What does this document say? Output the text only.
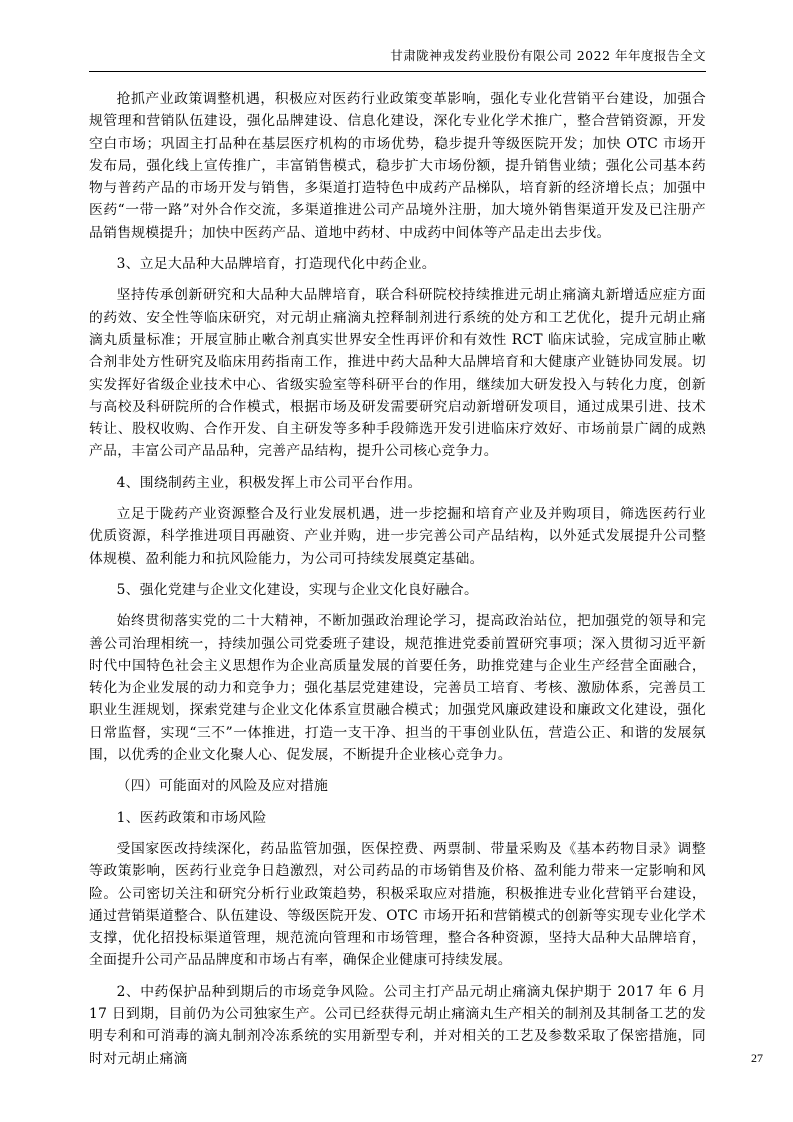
甘肃陇神戎发药业股份有限公司 2022 年年度报告全文

抢抓产业政策调整机遇，积极应对医药行业政策变革影响，强化专业化营销平台建设，加强合规管理和营销队伍建设，强化品牌建设、信息化建设，深化专业化学术推广，整合营销资源，开发空白市场；巩固主打品种在基层医疗机构的市场优势，稳步提升等级医院开发；加快 OTC 市场开发布局，强化线上宣传推广，丰富销售模式，稳步扩大市场份额，提升销售业绩；强化公司基本药物与普药产品的市场开发与销售，多渠道打造特色中成药产品梯队，培育新的经济增长点；加强中医药“一带一路”对外合作交流，多渠道推进公司产品境外注册，加大境外销售渠道开发及已注册产品销售规模提升；加快中医药产品、道地中药材、中成药中间体等产品走出去步伐。

3、立足大品种大品牌培育，打造现代化中药企业。

坚持传承创新研究和大品种大品牌培育，联合科研院校持续推进元胡止痛滴丸新增适应症方面的药效、安全性等临床研究，对元胡止痛滴丸控释制剂进行系统的处方和工艺优化，提升元胡止痛滴丸质量标准；开展宣肺止嗽合剂真实世界安全性再评价和有效性 RCT 临床试验，完成宣肺止嗽合剂非处方性研究及临床用药指南工作，推进中药大品种大品牌培育和大健康产业链协同发展。切实发挥好省级企业技术中心、省级实验室等科研平台的作用，继续加大研发投入与转化力度，创新与高校及科研院所的合作模式，根据市场及研发需要研究启动新增研发项目，通过成果引进、技术转让、股权收购、合作开发、自主研发等多种手段筛选开发引进临床疗效好、市场前景广阔的成熟产品，丰富公司产品品种，完善产品结构，提升公司核心竞争力。

4、围绕制药主业，积极发挥上市公司平台作用。

立足于陇药产业资源整合及行业发展机遇，进一步挖掘和培育产业及并购项目，筛选医药行业优质资源，科学推进项目再融资、产业并购，进一步完善公司产品结构，以外延式发展提升公司整体规模、盈利能力和抗风险能力，为公司可持续发展奠定基础。

5、强化党建与企业文化建设，实现与企业文化良好融合。

始终贯彻落实党的二十大精神，不断加强政治理论学习，提高政治站位，把加强党的领导和完善公司治理相统一，持续加强公司党委班子建设，规范推进党委前置研究事项；深入贯彻习近平新时代中国特色社会主义思想作为企业高质量发展的首要任务，助推党建与企业生产经营全面融合，转化为企业发展的动力和竞争力；强化基层党建建设，完善员工培育、考核、激励体系，完善员工职业生涯规划，探索党建与企业文化体系宣贯融合模式；加强党风廉政建设和廉政文化建设，强化日常监督，实现“三不”一体推进，打造一支干净、担当的干事创业队伍，营造公正、和谐的发展氛围，以优秀的企业文化聚人心、促发展，不断提升企业核心竞争力。

（四）可能面对的风险及应对措施

1、医药政策和市场风险

受国家医改持续深化，药品监管加强，医保控费、两票制、带量采购及《基本药物目录》调整等政策影响，医药行业竞争日趋激烈，对公司药品的市场销售及价格、盈利能力带来一定影响和风险。公司密切关注和研究分析行业政策趋势，积极采取应对措施，积极推进专业化营销平台建设，通过营销渠道整合、队伍建设、等级医院开发、OTC 市场开拓和营销模式的创新等实现专业化学术支撑，优化招投标渠道管理，规范流向管理和市场管理，整合各种资源，坚持大品种大品牌培育，全面提升公司产品品牌度和市场占有率，确保企业健康可持续发展。

2、中药保护品种到期后的市场竞争风险。公司主打产品元胡止痛滴丸保护期于 2017 年 6 月 17 日到期，目前仍为公司独家生产。公司已经获得元胡止痛滴丸生产相关的制剂及其制备工艺的发明专利和可消毒的滴丸制剂冷冻系统的实用新型专利，并对相关的工艺及参数采取了保密措施，同时对元胡止痛滴	27
